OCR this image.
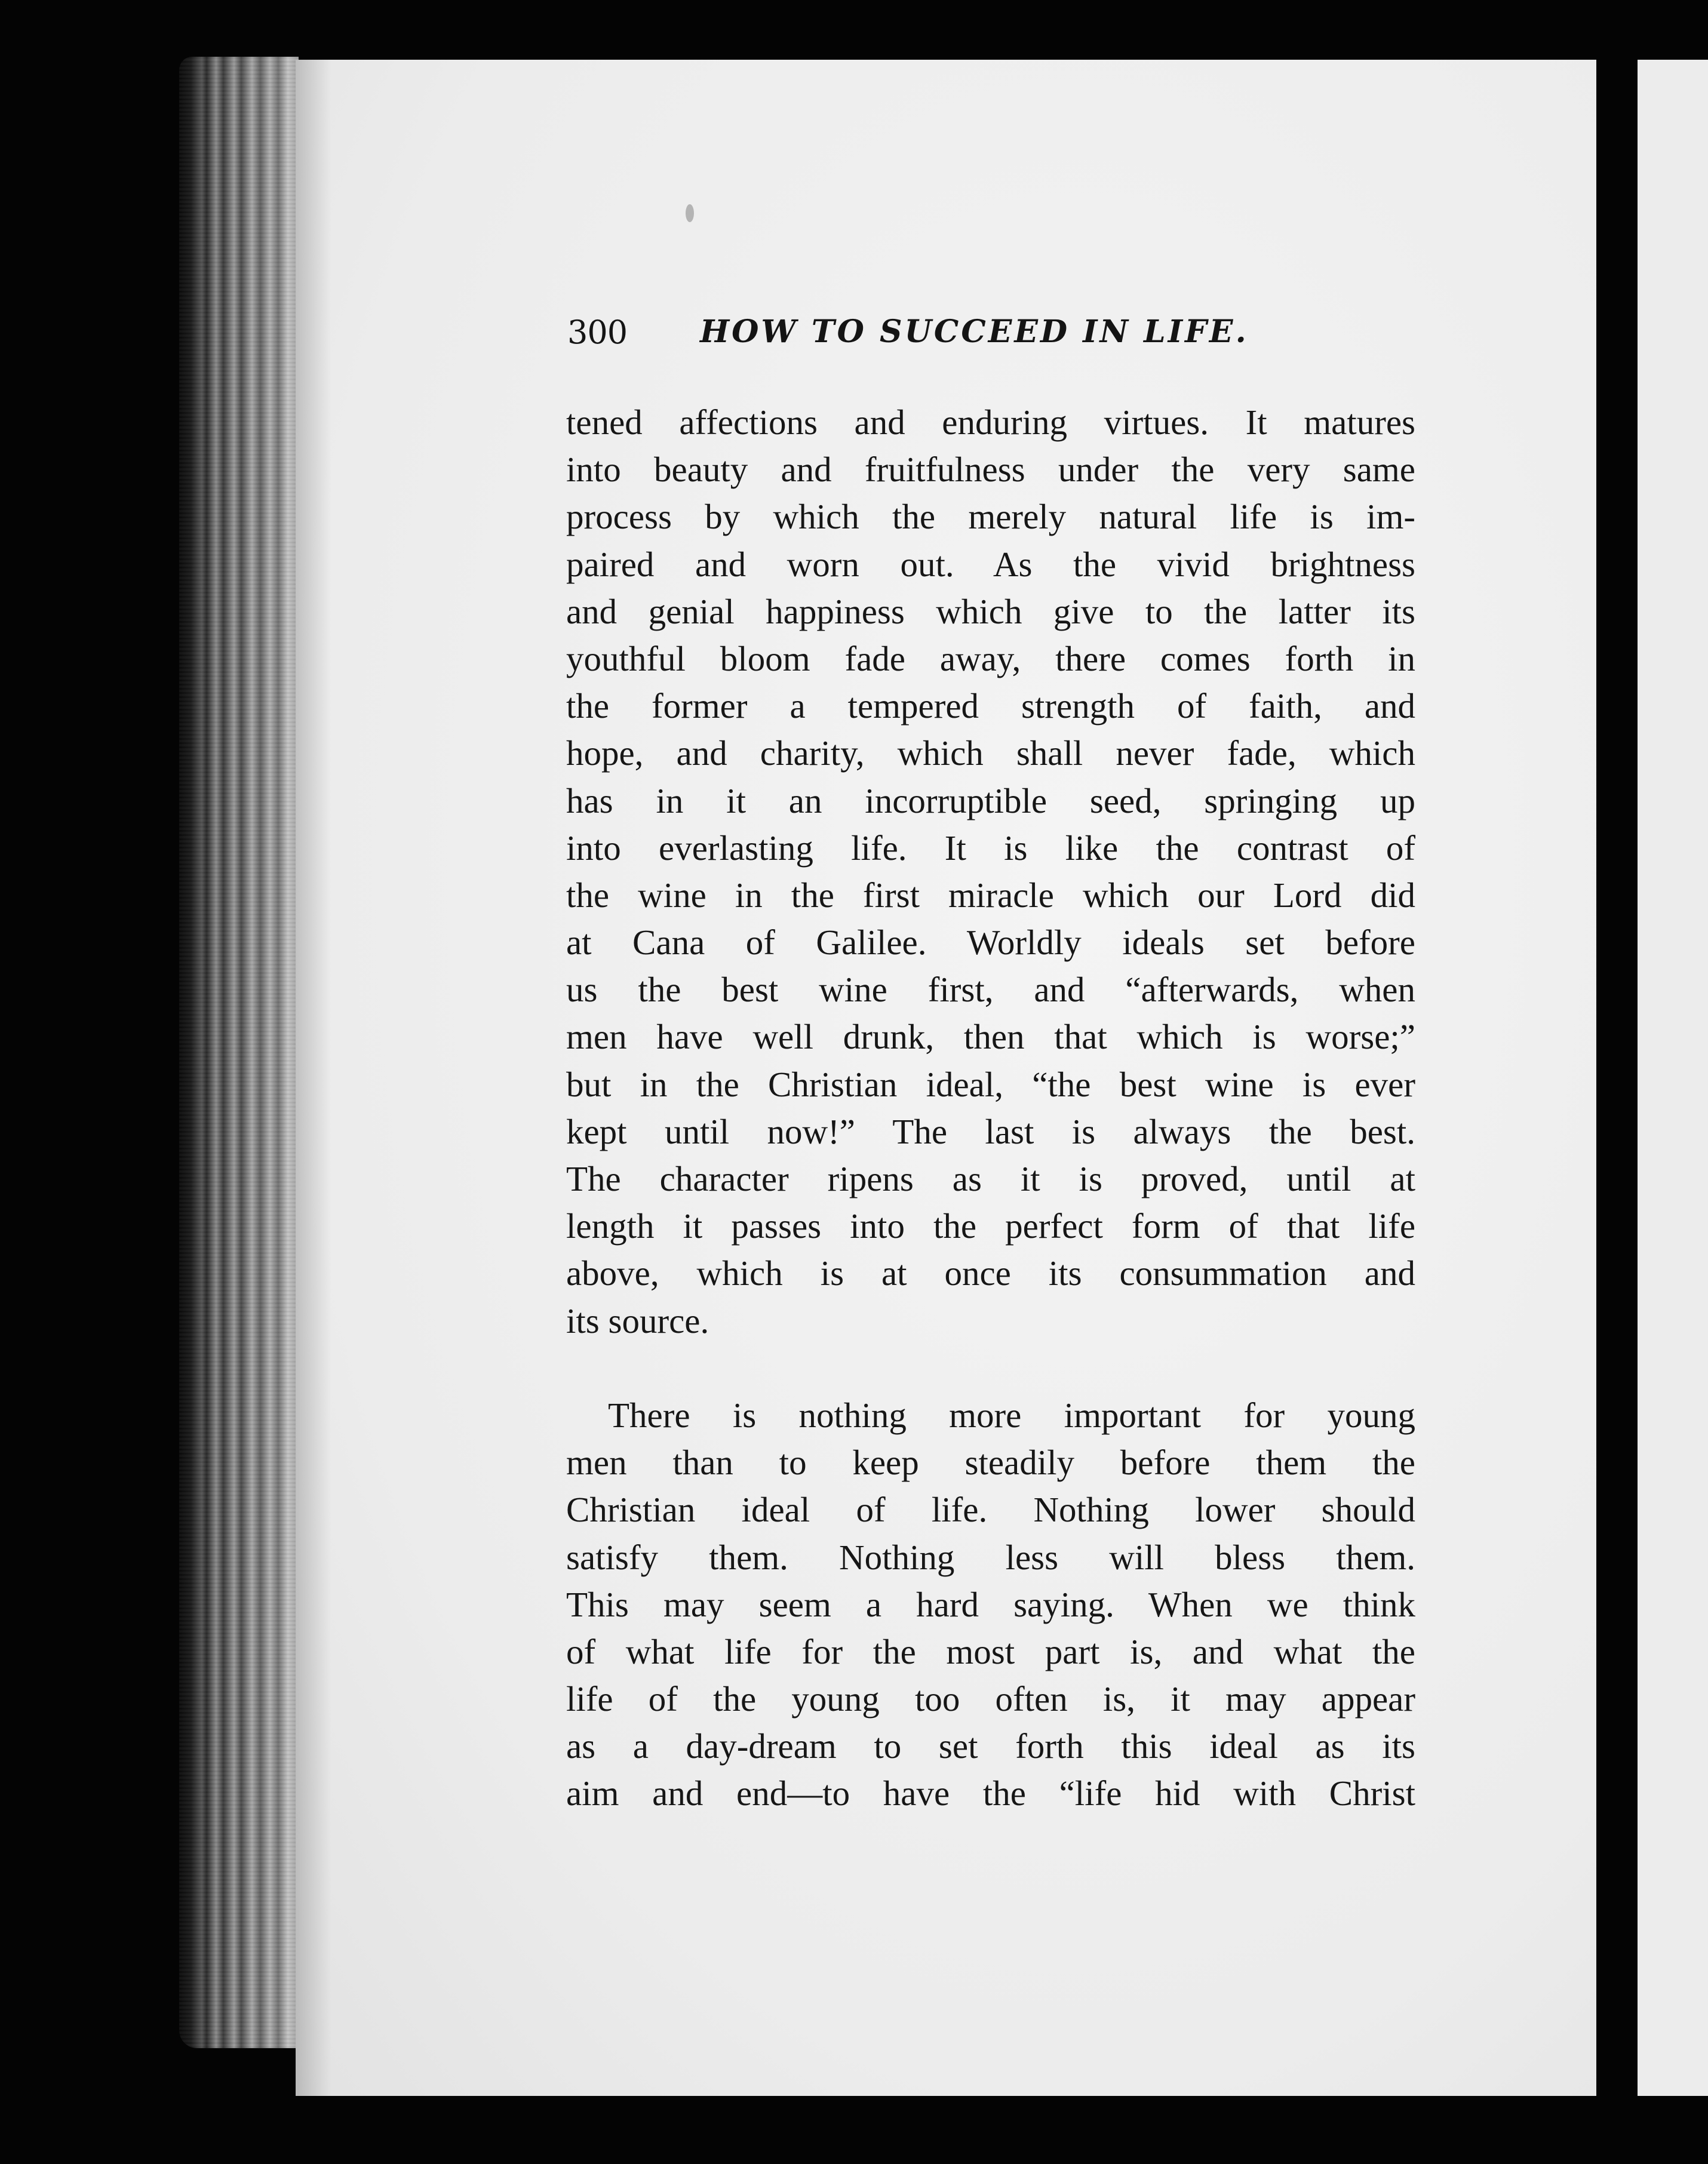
300 HOW TO SUCCEED IN LIFE.
tened affections and enduring virtues. It matures
into beauty and fruitfulness under the very same
process by which the merely natural life is im-
paired and worn out. As the vivid brightness
and genial happiness which give to the latter its
youthful bloom fade away, there comes forth in
the former a tempered strength of faith, and
hope, and charity, which shall never fade, which
has in it an incorruptible seed, springing up
into everlasting life. It is like the contrast of
the wine in the first miracle which our Lord did
at Cana of Galilee. Worldly ideals set before
us the best wine first, and “afterwards, when
men have well drunk, then that which is worse;”
but in the Christian ideal, “the best wine is ever
kept until now!” The last is always the best.
The character ripens as it is proved, until at
length it passes into the perfect form of that life
above, which is at once its consummation and
its source.
There is nothing more important for young
men than to keep steadily before them the
Christian ideal of life. Nothing lower should
satisfy them. Nothing less will bless them.
This may seem a hard saying. When we think
of what life for the most part is, and what the
life of the young too often is, it may appear
as a day-dream to set forth this ideal as its
aim and end—to have the “life hid with Christ
